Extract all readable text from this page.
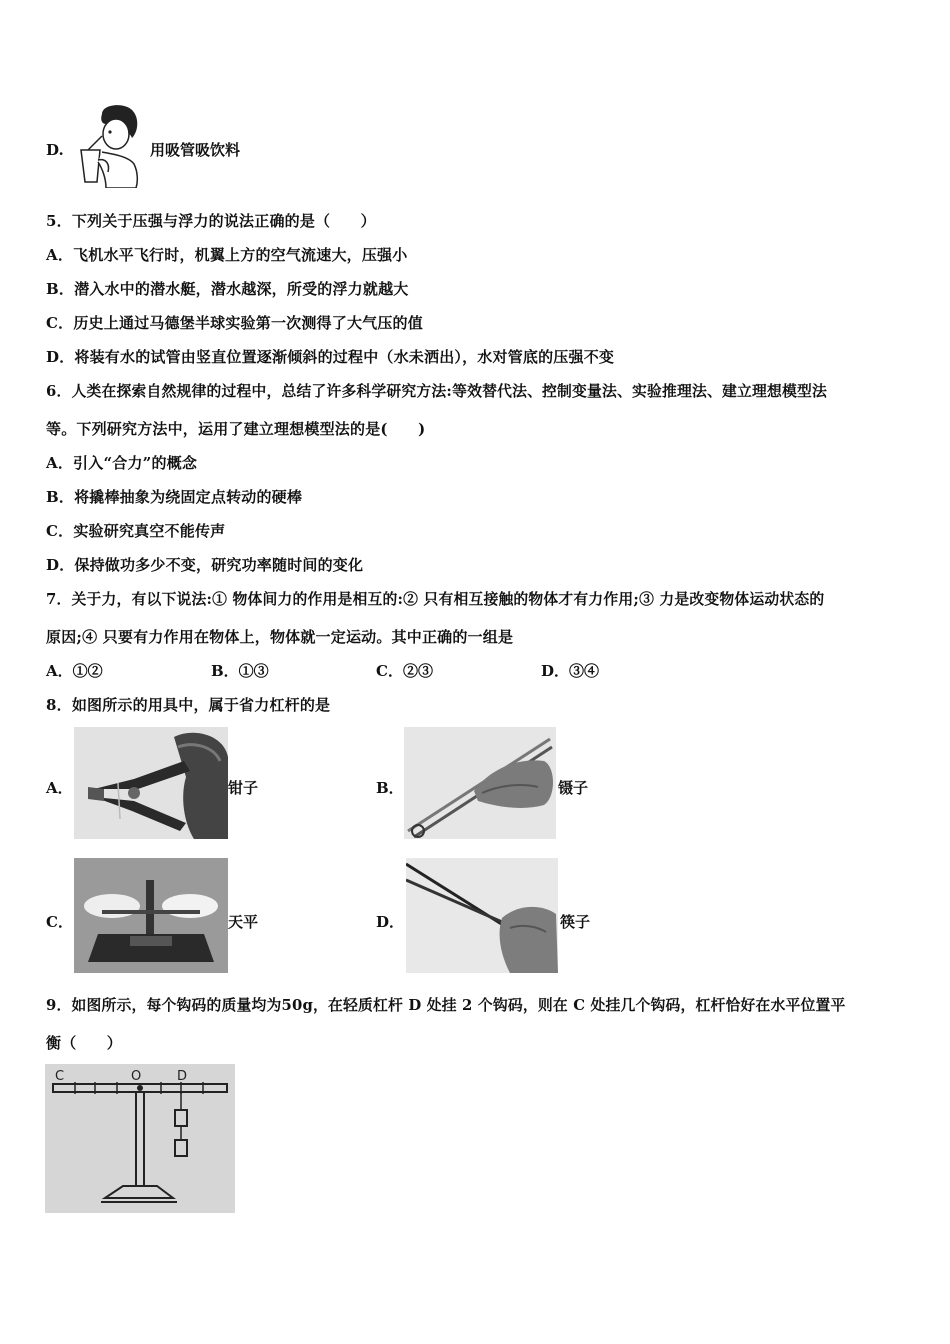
D.	用吸管吸饮料
5．下列关于压强与浮力的说法正确的是（　　）
A．飞机水平飞行时，机翼上方的空气流速大，压强小
B．潜入水中的潜水艇，潜水越深，所受的浮力就越大
C．历史上通过马德堡半球实验第一次测得了大气压的值
D．将装有水的试管由竖直位置逐渐倾斜的过程中（水未洒出），水对管底的压强不变
6．人类在探索自然规律的过程中，总结了许多科学研究方法:等效替代法、控制变量法、实验推理法、建立理想模型法
等。下列研究方法中，运用了建立理想模型法的是(　　)
A．引入“合力”的概念
B．将撬棒抽象为绕固定点转动的硬棒
C．实验研究真空不能传声
D．保持做功多少不变，研究功率随时间的变化
7．关于力，有以下说法:① 物体间力的作用是相互的:② 只有相互接触的物体才有力作用;③ 力是改变物体运动状态的
原因;④ 只要有力作用在物体上，物体就一定运动。其中正确的一组是
A．①②	B．①③	C．②③	D．③④
8．如图所示的用具中，属于省力杠杆的是
A．	钳子	B．	镊子
C．	天平	D．	筷子
9．如图所示，每个钩码的质量均为50g，在轻质杠杆 D 处挂 2 个钩码，则在 C 处挂几个钩码，杠杆恰好在水平位置平
衡（　　）
C	O	D
